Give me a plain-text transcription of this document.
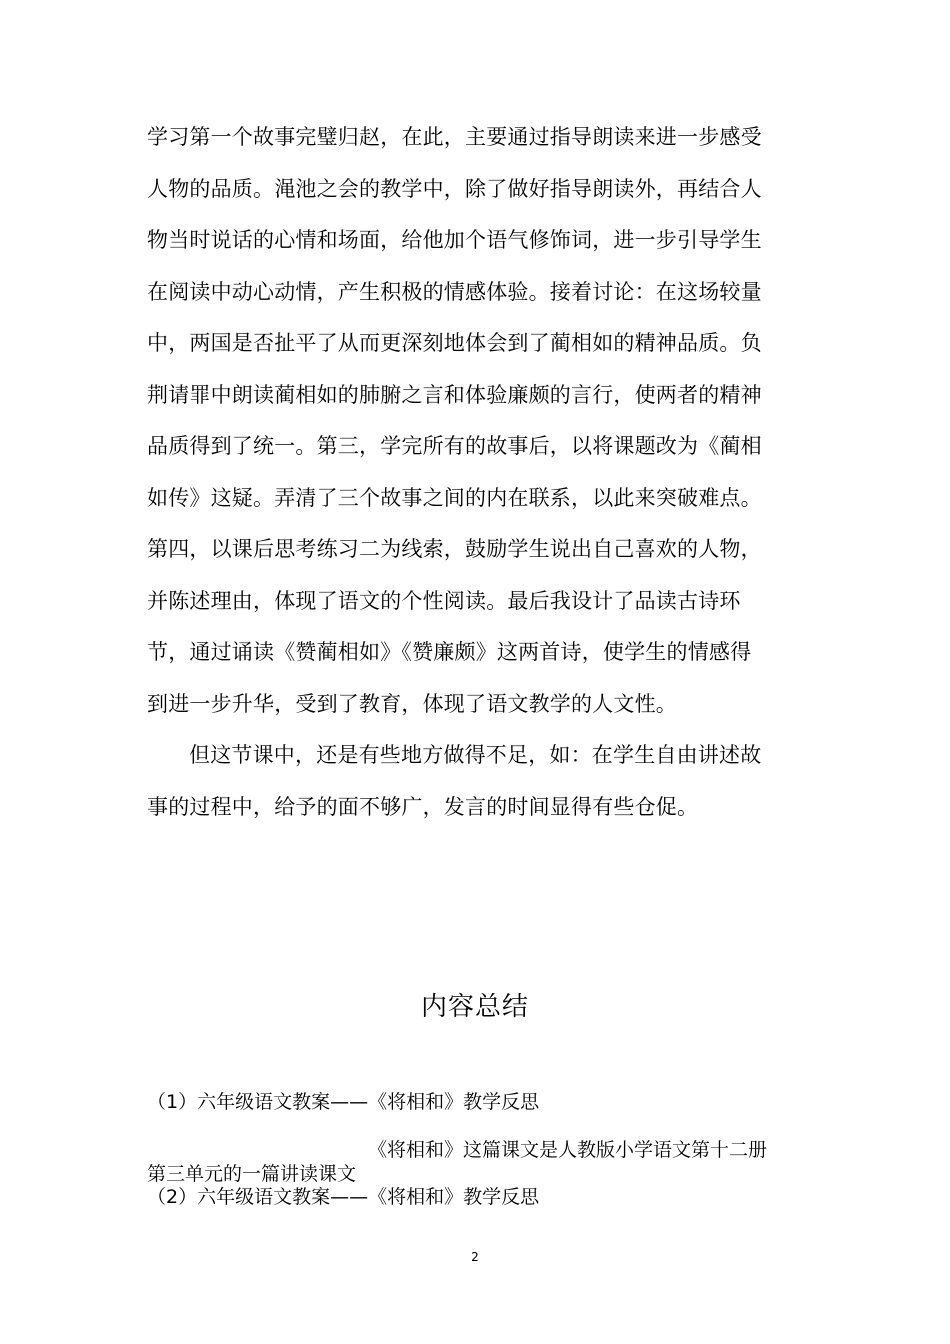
学习第一个故事完璧归赵，在此，主要通过指导朗读来进一步感受
人物的品质。渑池之会的教学中，除了做好指导朗读外，再结合人
物当时说话的心情和场面，给他加个语气修饰词，进一步引导学生
在阅读中动心动情，产生积极的情感体验。接着讨论：在这场较量
中，两国是否扯平了从而更深刻地体会到了蔺相如的精神品质。负
荆请罪中朗读蔺相如的肺腑之言和体验廉颇的言行，使两者的精神
品质得到了统一。第三，学完所有的故事后，以将课题改为《蔺相
如传》这疑。弄清了三个故事之间的内在联系，以此来突破难点。
第四，以课后思考练习二为线索，鼓励学生说出自己喜欢的人物，
并陈述理由，体现了语文的个性阅读。最后我设计了品读古诗环
节，通过诵读《赞蔺相如》《赞廉颇》这两首诗，使学生的情感得
到进一步升华，受到了教育，体现了语文教学的人文性。
但这节课中，还是有些地方做得不足，如：在学生自由讲述故
事的过程中，给予的面不够广，发言的时间显得有些仓促。
内容总结
（1）六年级语文教案——《将相和》教学反思
《将相和》这篇课文是人教版小学语文第十二册
第三单元的一篇讲读课文
（2）六年级语文教案——《将相和》教学反思
2
